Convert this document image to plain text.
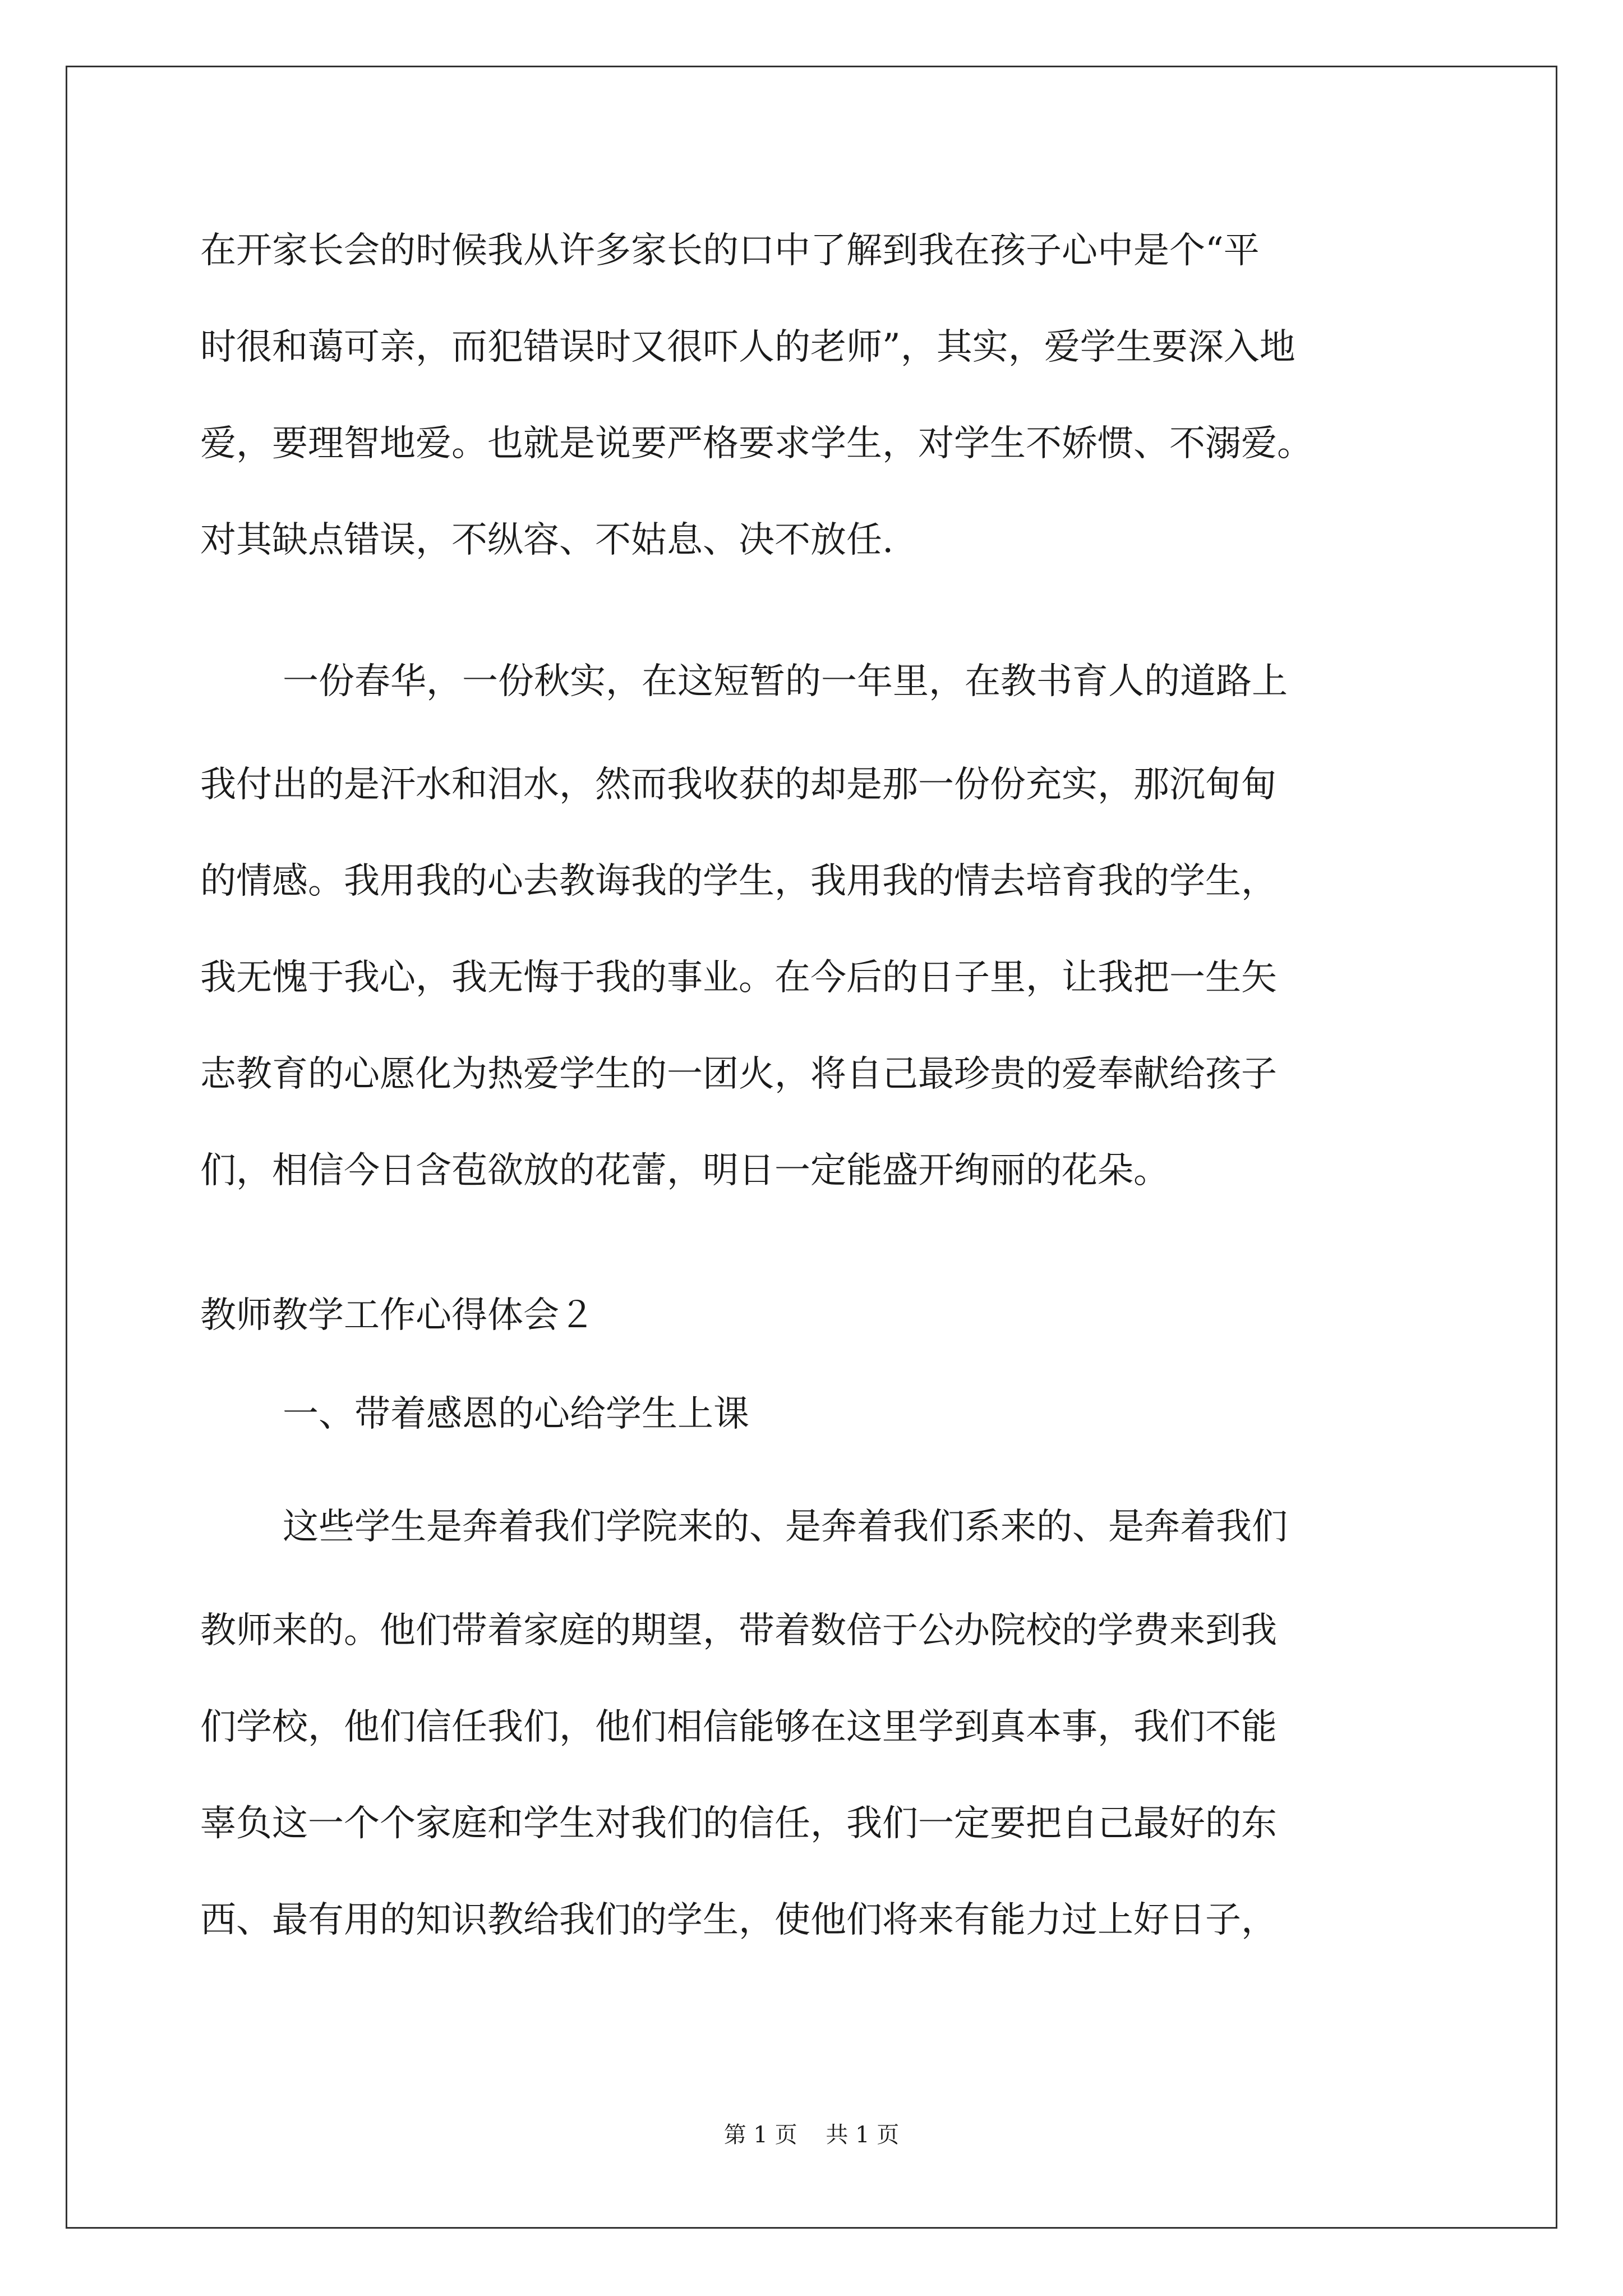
在开家长会的时候我从许多家长的口中了解到我在孩子心中是个“平
时很和蔼可亲，而犯错误时又很吓人的老师”，其实，爱学生要深入地
爱，要理智地爱。也就是说要严格要求学生，对学生不娇惯、不溺爱。
对其缺点错误，不纵容、不姑息、决不放任.
一份春华，一份秋实，在这短暂的一年里，在教书育人的道路上
我付出的是汗水和泪水，然而我收获的却是那一份份充实，那沉甸甸
的情感。我用我的心去教诲我的学生，我用我的情去培育我的学生，
我无愧于我心，我无悔于我的事业。在今后的日子里，让我把一生矢
志教育的心愿化为热爱学生的一团火，将自己最珍贵的爱奉献给孩子
们，相信今日含苞欲放的花蕾，明日一定能盛开绚丽的花朵。
教师教学工作心得体会２
一、带着感恩的心给学生上课
这些学生是奔着我们学院来的、是奔着我们系来的、是奔着我们
教师来的。他们带着家庭的期望，带着数倍于公办院校的学费来到我
们学校，他们信任我们，他们相信能够在这里学到真本事，我们不能
辜负这一个个家庭和学生对我们的信任，我们一定要把自己最好的东
西、最有用的知识教给我们的学生，使他们将来有能力过上好日子，
第 1 页    共 1 页
